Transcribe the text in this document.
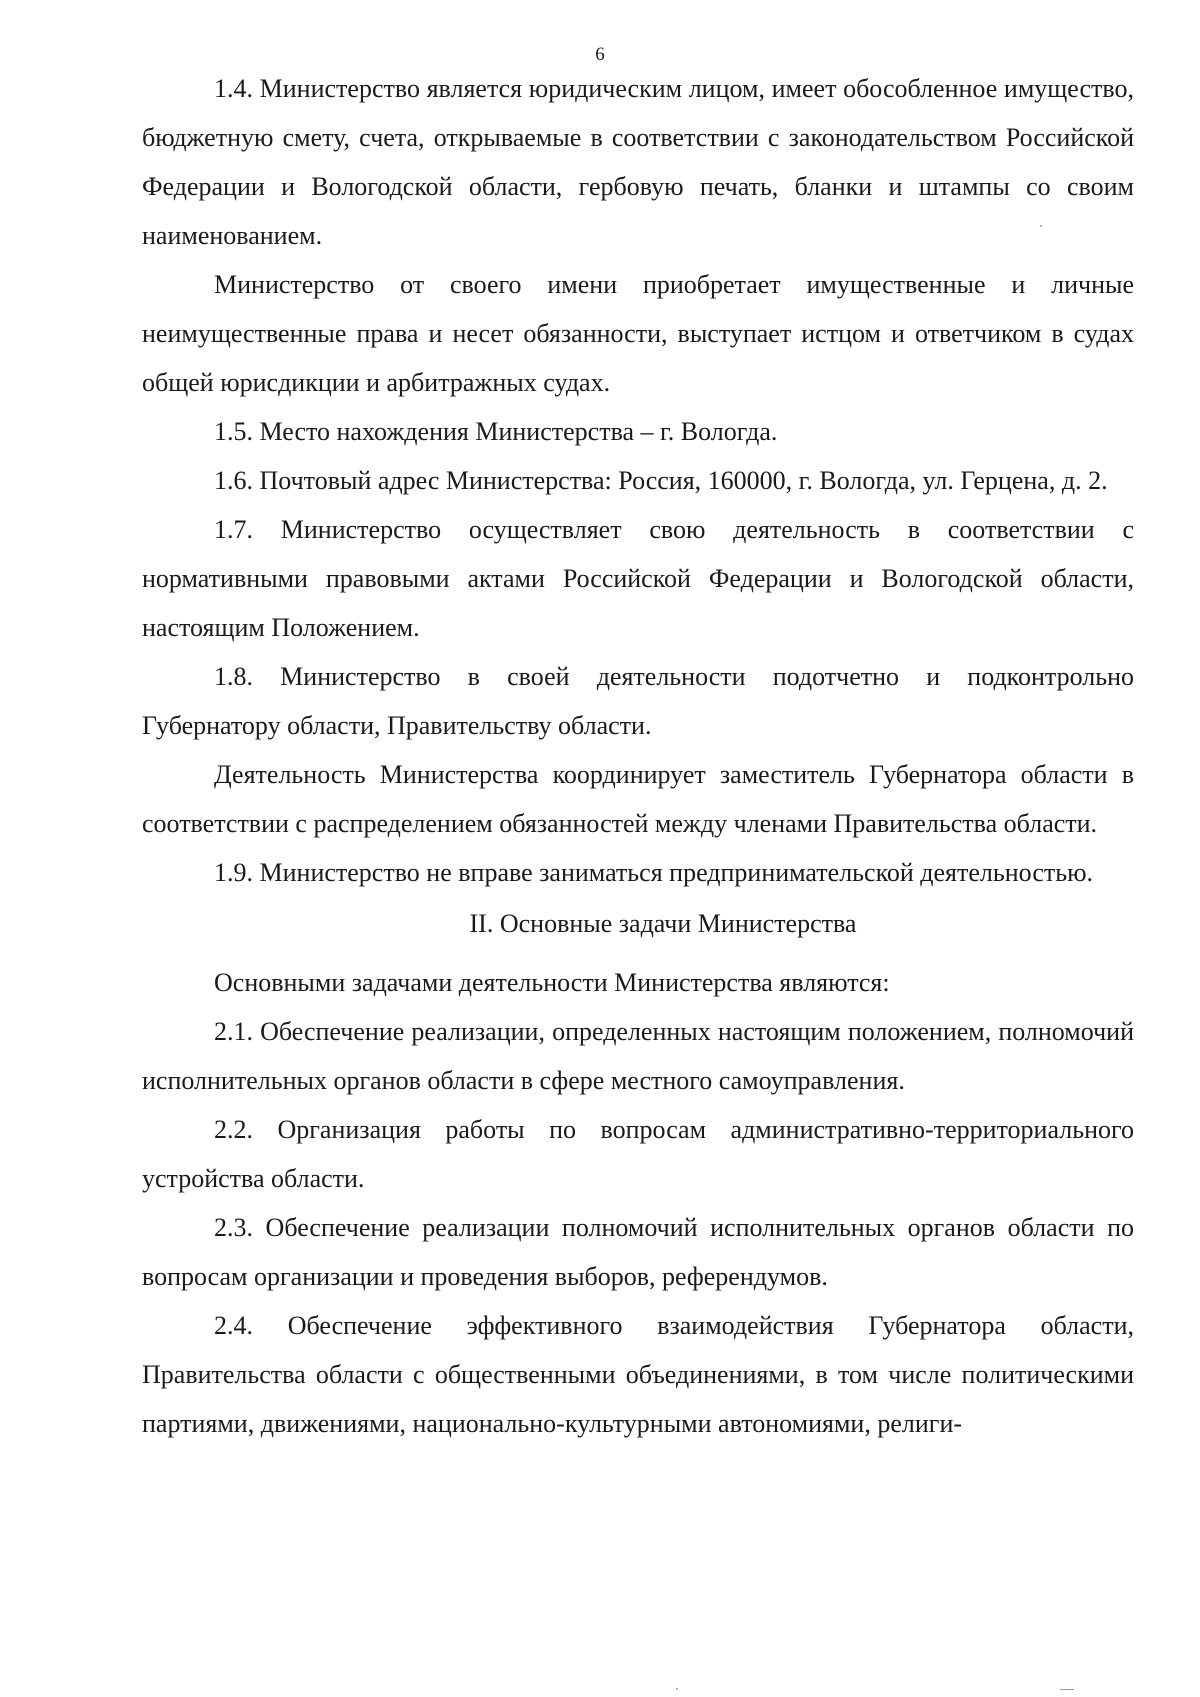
6

1.4. Министерство является юридическим лицом, имеет обособленное имущество, бюджетную смету, счета, открываемые в соответствии с законодательством Российской Федерации и Вологодской области, гербовую печать, бланки и штампы со своим наименованием.

Министерство от своего имени приобретает имущественные и личные неимущественные права и несет обязанности, выступает истцом и ответчиком в судах общей юрисдикции и арбитражных судах.

1.5. Место нахождения Министерства – г. Вологда.

1.6. Почтовый адрес Министерства: Россия, 160000, г. Вологда, ул. Герцена, д. 2.

1.7. Министерство осуществляет свою деятельность в соответствии с нормативными правовыми актами Российской Федерации и Вологодской области, настоящим Положением.

1.8. Министерство в своей деятельности подотчетно и подконтрольно Губернатору области, Правительству области.

Деятельность Министерства координирует заместитель Губернатора области в соответствии с распределением обязанностей между членами Правительства области.

1.9. Министерство не вправе заниматься предпринимательской деятельностью.

II. Основные задачи Министерства

Основными задачами деятельности Министерства являются:

2.1. Обеспечение реализации, определенных настоящим положением, полномочий исполнительных органов области в сфере местного самоуправления.

2.2. Организация работы по вопросам административно-территориального устройства области.

2.3. Обеспечение реализации полномочий исполнительных органов области по вопросам организации и проведения выборов, референдумов.

2.4. Обеспечение эффективного взаимодействия Губернатора области, Правительства области с общественными объединениями, в том числе политическими партиями, движениями, национально-культурными автономиями, религи-
